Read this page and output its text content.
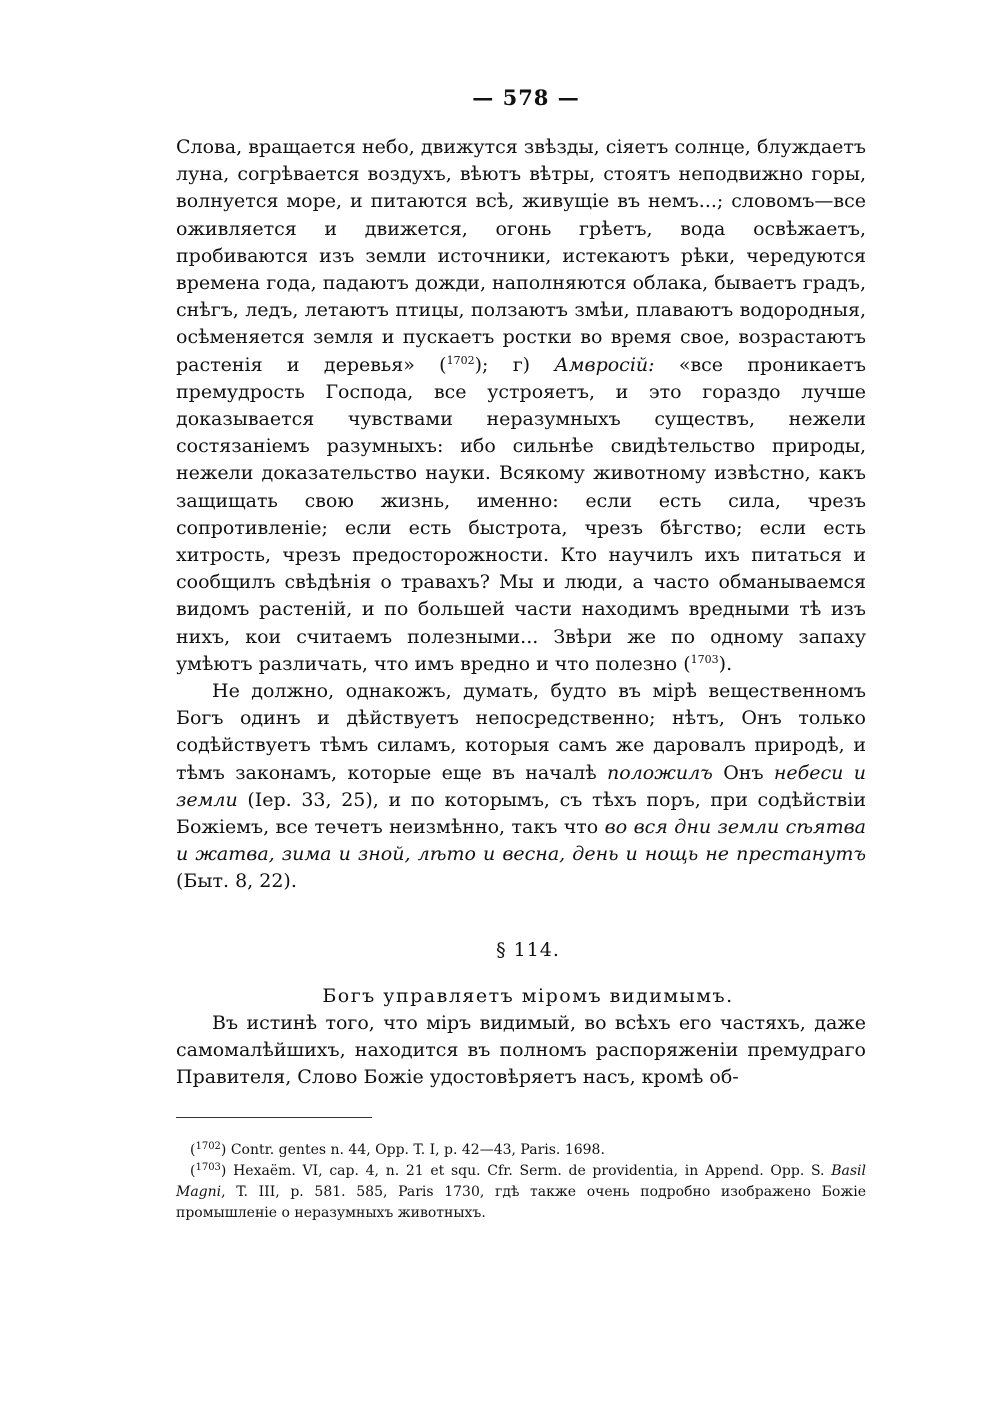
— 578 —

Слова, вращается небо, движутся звѣзды, сіяетъ солнце, блуждаетъ луна, согрѣвается воздухъ, вѣютъ вѣтры, стоятъ неподвижно горы, волнуется море, и питаются всѣ, живущіе въ немъ...; словомъ—все оживляется и движется, огонь грѣетъ, вода освѣжаетъ, пробиваются изъ земли источники, истекаютъ рѣки, чередуются времена года, падаютъ дожди, наполняются облака, бываетъ градъ, снѣгъ, ледъ, летаютъ птицы, ползаютъ змѣи, плаваютъ водородныя, осѣменяется земля и пускаетъ ростки во время свое, возрастаютъ растенія и деревья» ($^{1702}$); г) Амвросій: «все проникаетъ премудрость Господа, все устрояетъ, и это гораздо лучше доказывается чувствами неразумныхъ существъ, нежели состязаніемъ разумныхъ: ибо сильнѣе свидѣтельство природы, нежели доказательство науки. Всякому животному извѣстно, какъ защищать свою жизнь, именно: если есть сила, чрезъ сопротивленіе; если есть быстрота, чрезъ бѣгство; если есть хитрость, чрезъ предосторожности. Кто научилъ ихъ питаться и сообщилъ свѣдѣнія о травахъ? Мы и люди, а часто обманываемся видомъ растеній, и по большей части находимъ вредными тѣ изъ нихъ, кои считаемъ полезными... Звѣри же по одному запаху умѣютъ различать, что имъ вредно и что полезно ($^{1703}$).

Не должно, однакожъ, думать, будто въ мірѣ вещественномъ Богъ одинъ и дѣйствуетъ непосредственно; нѣтъ, Онъ только содѣйствуетъ тѣмъ силамъ, которыя самъ же даровалъ природѣ, и тѣмъ законамъ, которые еще въ началѣ положилъ Онъ небеси и земли (Іер. 33, 25), и по которымъ, съ тѣхъ поръ, при содѣйствіи Божіемъ, все течетъ неизмѣнно, такъ что во вся дни земли сѣятва и жатва, зима и зной, лѣто и весна, день и нощь не престанутъ (Быт. 8, 22).

§ 114.
Богъ управляетъ міромъ видимымъ.

Въ истинѣ того, что міръ видимый, во всѣхъ его частяхъ, даже самомалѣйшихъ, находится въ полномъ распоряженіи премудраго Правителя, Слово Божіе удостовѣряетъ насъ, кромѣ об-

($^{1702}$) Contr. gentes n. 44, Opp. T. I, p. 42—43, Paris. 1698.

($^{1703}$) Hexaëm. VI, cap. 4, n. 21 et squ. Cfr. Serm. de providentia, in Append. Opp. S. Basil Magni, T. III, p. 581. 585, Paris 1730, гдѣ также очень подробно изображено Божіе промышленіе о неразумныхъ животныхъ.
